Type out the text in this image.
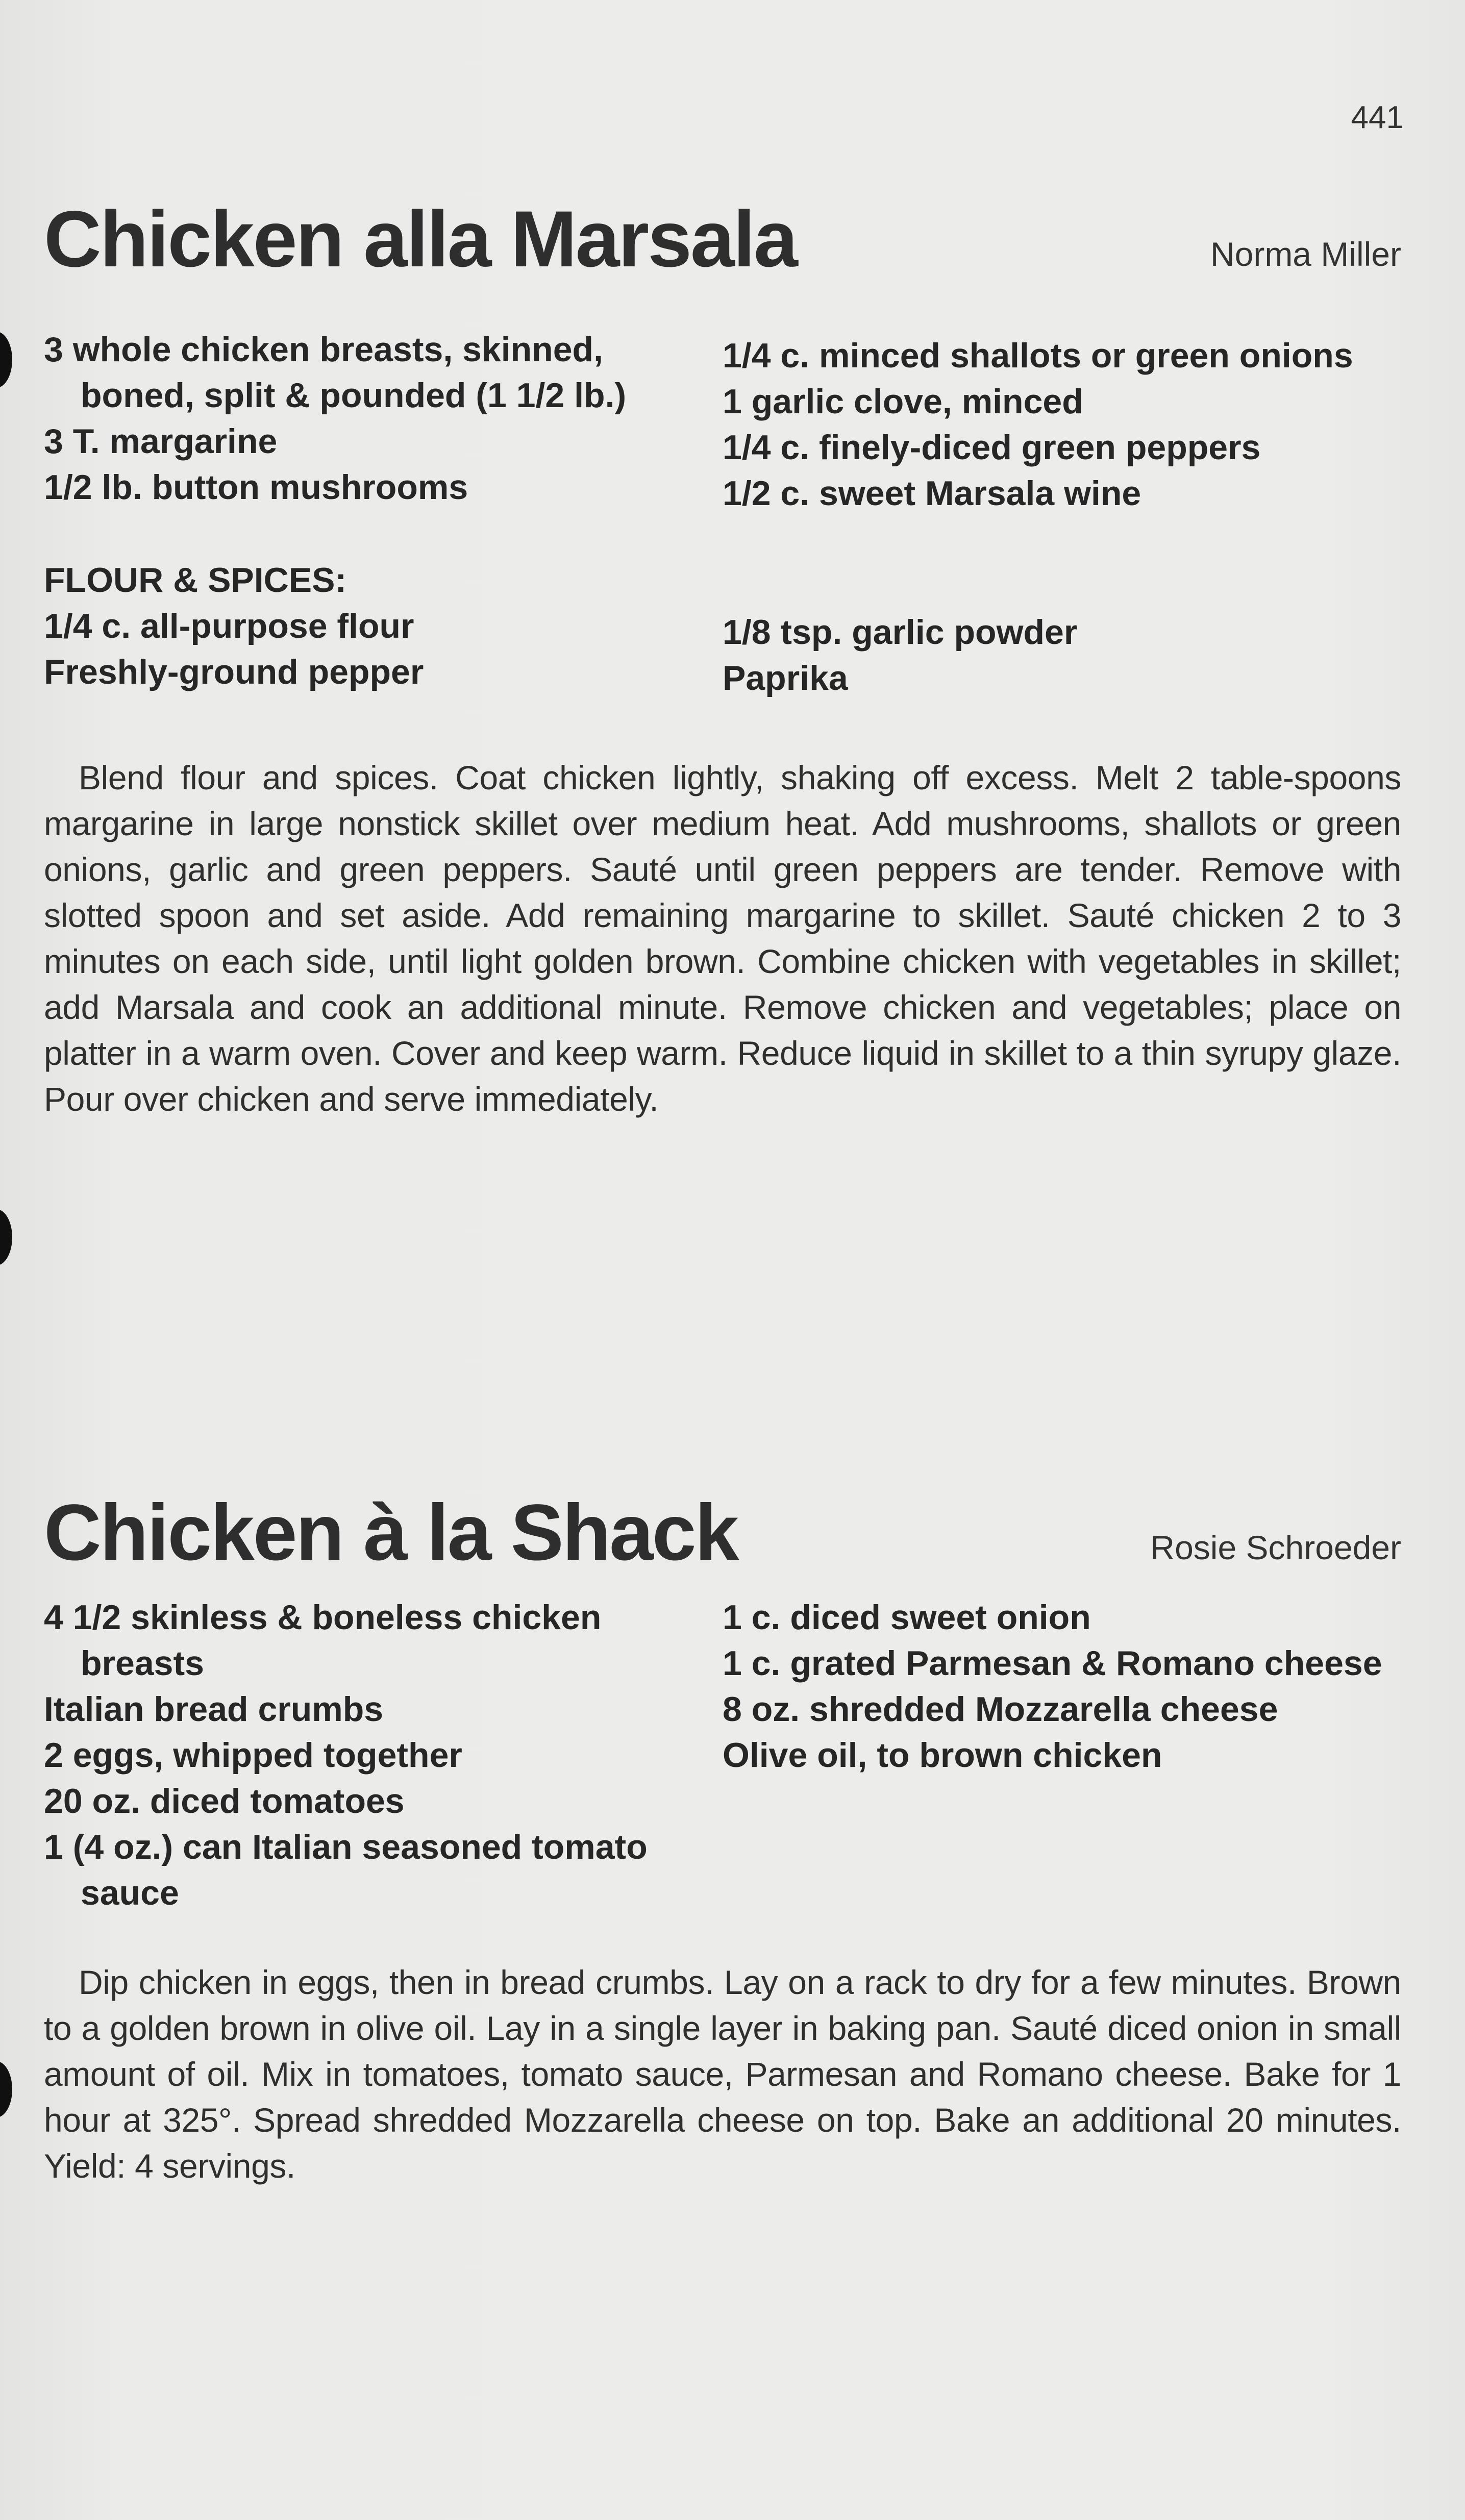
441
Chicken alla Marsala	Norma Miller

3 whole chicken breasts, skinned, boned, split & pounded (1 1/2 lb.)

3 T. margarine

1/2 lb. button mushrooms

1/4 c. minced shallots or green onions

1 garlic clove, minced

1/4 c. finely-diced green peppers

1/2 c. sweet Marsala wine

FLOUR & SPICES:

1/4 c. all-purpose flour

Freshly-ground pepper

1/8 tsp. garlic powder

Paprika

Blend flour and spices. Coat chicken lightly, shaking off excess. Melt 2 table-spoons margarine in large nonstick skillet over medium heat. Add mushrooms, shallots or green onions, garlic and green peppers. Sauté until green peppers are tender. Remove with slotted spoon and set aside. Add remaining margarine to skillet. Sauté chicken 2 to 3 minutes on each side, until light golden brown. Combine chicken with vegetables in skillet; add Marsala and cook an additional minute. Remove chicken and vegetables; place on platter in a warm oven. Cover and keep warm. Reduce liquid in skillet to a thin syrupy glaze. Pour over chicken and serve immediately.

Chicken à la Shack	Rosie Schroeder

4 1/2 skinless & boneless chicken breasts

Italian bread crumbs

2 eggs, whipped together

20 oz. diced tomatoes

1 (4 oz.) can Italian seasoned tomato sauce

1 c. diced sweet onion

1 c. grated Parmesan & Romano cheese

8 oz. shredded Mozzarella cheese

Olive oil, to brown chicken

Dip chicken in eggs, then in bread crumbs. Lay on a rack to dry for a few minutes. Brown to a golden brown in olive oil. Lay in a single layer in baking pan. Sauté diced onion in small amount of oil. Mix in tomatoes, tomato sauce, Parmesan and Romano cheese. Bake for 1 hour at 325°. Spread shredded Mozzarella cheese on top. Bake an additional 20 minutes. Yield: 4 servings.
